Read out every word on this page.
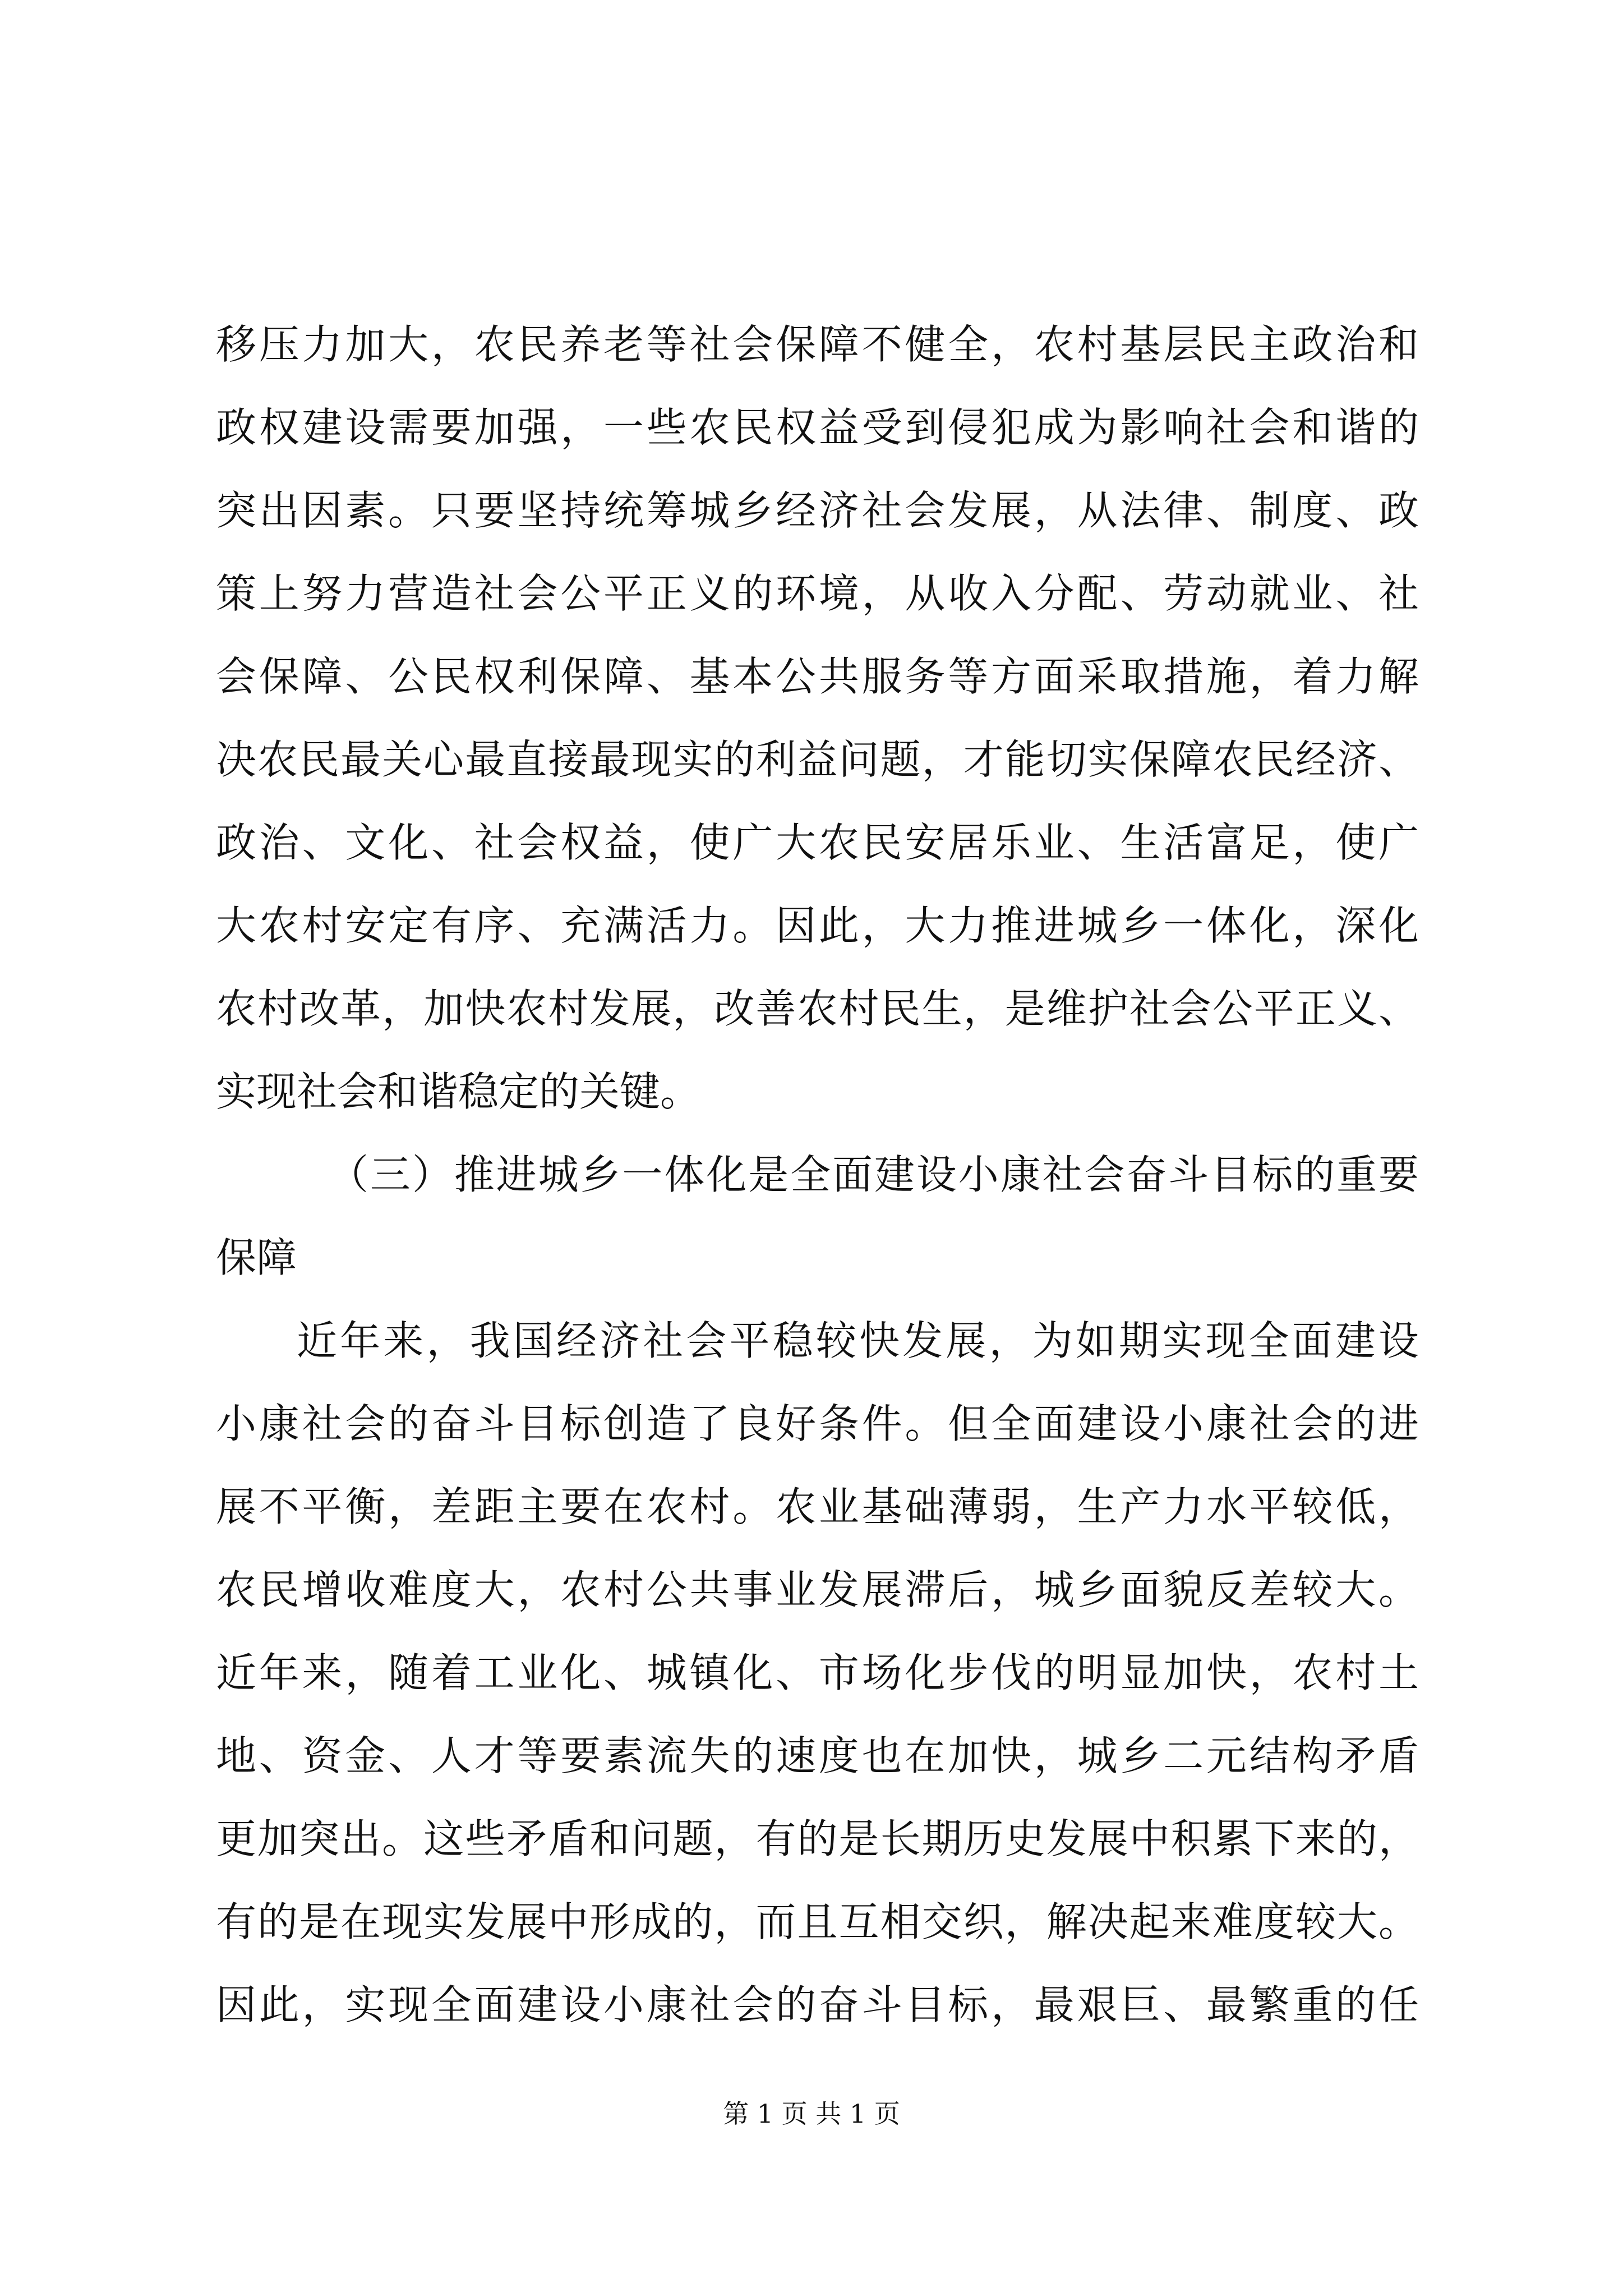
移压力加大，农民养老等社会保障不健全，农村基层民主政治和
政权建设需要加强，一些农民权益受到侵犯成为影响社会和谐的
突出因素。只要坚持统筹城乡经济社会发展，从法律、制度、政
策上努力营造社会公平正义的环境，从收入分配、劳动就业、社
会保障、公民权利保障、基本公共服务等方面采取措施，着力解
决农民最关心最直接最现实的利益问题，才能切实保障农民经济、
政治、文化、社会权益，使广大农民安居乐业、生活富足，使广
大农村安定有序、充满活力。因此，大力推进城乡一体化，深化
农村改革，加快农村发展，改善农村民生，是维护社会公平正义、
实现社会和谐稳定的关键。
（三）推进城乡一体化是全面建设小康社会奋斗目标的重要
保障
近年来，我国经济社会平稳较快发展，为如期实现全面建设
小康社会的奋斗目标创造了良好条件。但全面建设小康社会的进
展不平衡，差距主要在农村。农业基础薄弱，生产力水平较低，
农民增收难度大，农村公共事业发展滞后，城乡面貌反差较大。
近年来，随着工业化、城镇化、市场化步伐的明显加快，农村土
地、资金、人才等要素流失的速度也在加快，城乡二元结构矛盾
更加突出。这些矛盾和问题，有的是长期历史发展中积累下来的，
有的是在现实发展中形成的，而且互相交织，解决起来难度较大。
因此，实现全面建设小康社会的奋斗目标，最艰巨、最繁重的任
第 1 页 共 1 页
